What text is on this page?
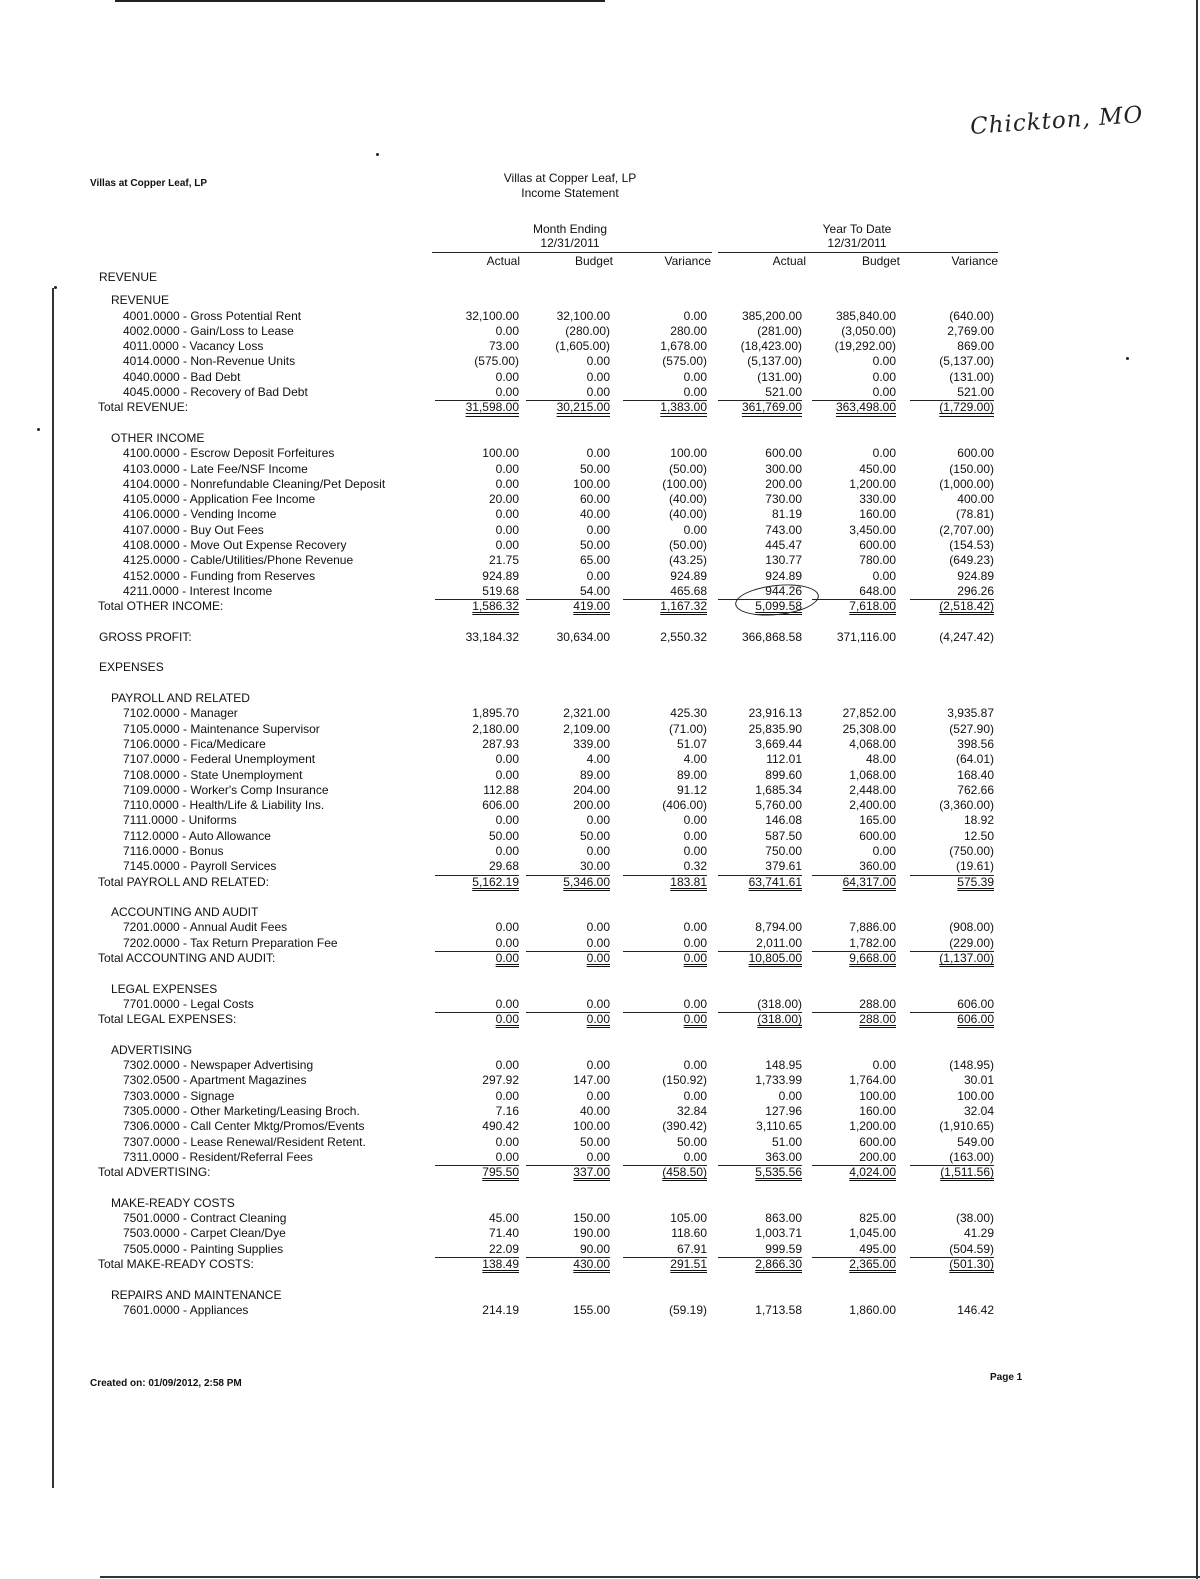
Chickton, MO
Villas at Copper Leaf, LP	Villas at Copper Leaf, LP
Income Statement
Month Ending
12/31/2011
Year To Date
12/31/2011
Actual	Budget	Variance	Actual	Budget	Variance
REVENUE
REVENUE
4001.0000 - Gross Potential Rent	32,100.00	32,100.00	0.00	385,200.00	385,840.00	(640.00)
4002.0000 - Gain/Loss to Lease	0.00	(280.00)	280.00	(281.00)	(3,050.00)	2,769.00
4011.0000 - Vacancy Loss	73.00	(1,605.00)	1,678.00	(18,423.00)	(19,292.00)	869.00
4014.0000 - Non-Revenue Units	(575.00)	0.00	(575.00)	(5,137.00)	0.00	(5,137.00)
4040.0000 - Bad Debt	0.00	0.00	0.00	(131.00)	0.00	(131.00)
4045.0000 - Recovery of Bad Debt	0.00	0.00	0.00	521.00	0.00	521.00
Total REVENUE:	31,598.00	30,215.00	1,383.00	361,769.00	363,498.00	(1,729.00)
OTHER INCOME
4100.0000 - Escrow Deposit Forfeitures	100.00	0.00	100.00	600.00	0.00	600.00
4103.0000 - Late Fee/NSF Income	0.00	50.00	(50.00)	300.00	450.00	(150.00)
4104.0000 - Nonrefundable Cleaning/Pet Deposit	0.00	100.00	(100.00)	200.00	1,200.00	(1,000.00)
4105.0000 - Application Fee Income	20.00	60.00	(40.00)	730.00	330.00	400.00
4106.0000 - Vending Income	0.00	40.00	(40.00)	81.19	160.00	(78.81)
4107.0000 - Buy Out Fees	0.00	0.00	0.00	743.00	3,450.00	(2,707.00)
4108.0000 - Move Out Expense Recovery	0.00	50.00	(50.00)	445.47	600.00	(154.53)
4125.0000 - Cable/Utilities/Phone Revenue	21.75	65.00	(43.25)	130.77	780.00	(649.23)
4152.0000 - Funding from Reserves	924.89	0.00	924.89	924.89	0.00	924.89
4211.0000 - Interest Income	519.68	54.00	465.68	944.26	648.00	296.26
Total OTHER INCOME:	1,586.32	419.00	1,167.32	5,099.58	7,618.00	(2,518.42)
GROSS PROFIT:	33,184.32	30,634.00	2,550.32	366,868.58	371,116.00	(4,247.42)
EXPENSES
PAYROLL AND RELATED
7102.0000 - Manager	1,895.70	2,321.00	425.30	23,916.13	27,852.00	3,935.87
7105.0000 - Maintenance Supervisor	2,180.00	2,109.00	(71.00)	25,835.90	25,308.00	(527.90)
7106.0000 - Fica/Medicare	287.93	339.00	51.07	3,669.44	4,068.00	398.56
7107.0000 - Federal Unemployment	0.00	4.00	4.00	112.01	48.00	(64.01)
7108.0000 - State Unemployment	0.00	89.00	89.00	899.60	1,068.00	168.40
7109.0000 - Worker's Comp Insurance	112.88	204.00	91.12	1,685.34	2,448.00	762.66
7110.0000 - Health/Life & Liability Ins.	606.00	200.00	(406.00)	5,760.00	2,400.00	(3,360.00)
7111.0000 - Uniforms	0.00	0.00	0.00	146.08	165.00	18.92
7112.0000 - Auto Allowance	50.00	50.00	0.00	587.50	600.00	12.50
7116.0000 - Bonus	0.00	0.00	0.00	750.00	0.00	(750.00)
7145.0000 - Payroll Services	29.68	30.00	0.32	379.61	360.00	(19.61)
Total PAYROLL AND RELATED:	5,162.19	5,346.00	183.81	63,741.61	64,317.00	575.39
ACCOUNTING AND AUDIT
7201.0000 - Annual Audit Fees	0.00	0.00	0.00	8,794.00	7,886.00	(908.00)
7202.0000 - Tax Return Preparation Fee	0.00	0.00	0.00	2,011.00	1,782.00	(229.00)
Total ACCOUNTING AND AUDIT:	0.00	0.00	0.00	10,805.00	9,668.00	(1,137.00)
LEGAL EXPENSES
7701.0000 - Legal Costs	0.00	0.00	0.00	(318.00)	288.00	606.00
Total LEGAL EXPENSES:	0.00	0.00	0.00	(318.00)	288.00	606.00
ADVERTISING
7302.0000 - Newspaper Advertising	0.00	0.00	0.00	148.95	0.00	(148.95)
7302.0500 - Apartment Magazines	297.92	147.00	(150.92)	1,733.99	1,764.00	30.01
7303.0000 - Signage	0.00	0.00	0.00	0.00	100.00	100.00
7305.0000 - Other Marketing/Leasing Broch.	7.16	40.00	32.84	127.96	160.00	32.04
7306.0000 - Call Center Mktg/Promos/Events	490.42	100.00	(390.42)	3,110.65	1,200.00	(1,910.65)
7307.0000 - Lease Renewal/Resident Retent.	0.00	50.00	50.00	51.00	600.00	549.00
7311.0000 - Resident/Referral Fees	0.00	0.00	0.00	363.00	200.00	(163.00)
Total ADVERTISING:	795.50	337.00	(458.50)	5,535.56	4,024.00	(1,511.56)
MAKE-READY COSTS
7501.0000 - Contract Cleaning	45.00	150.00	105.00	863.00	825.00	(38.00)
7503.0000 - Carpet Clean/Dye	71.40	190.00	118.60	1,003.71	1,045.00	41.29
7505.0000 - Painting Supplies	22.09	90.00	67.91	999.59	495.00	(504.59)
Total MAKE-READY COSTS:	138.49	430.00	291.51	2,866.30	2,365.00	(501.30)
REPAIRS AND MAINTENANCE
7601.0000 - Appliances	214.19	155.00	(59.19)	1,713.58	1,860.00	146.42
Created on: 01/09/2012, 2:58 PM
Page 1
